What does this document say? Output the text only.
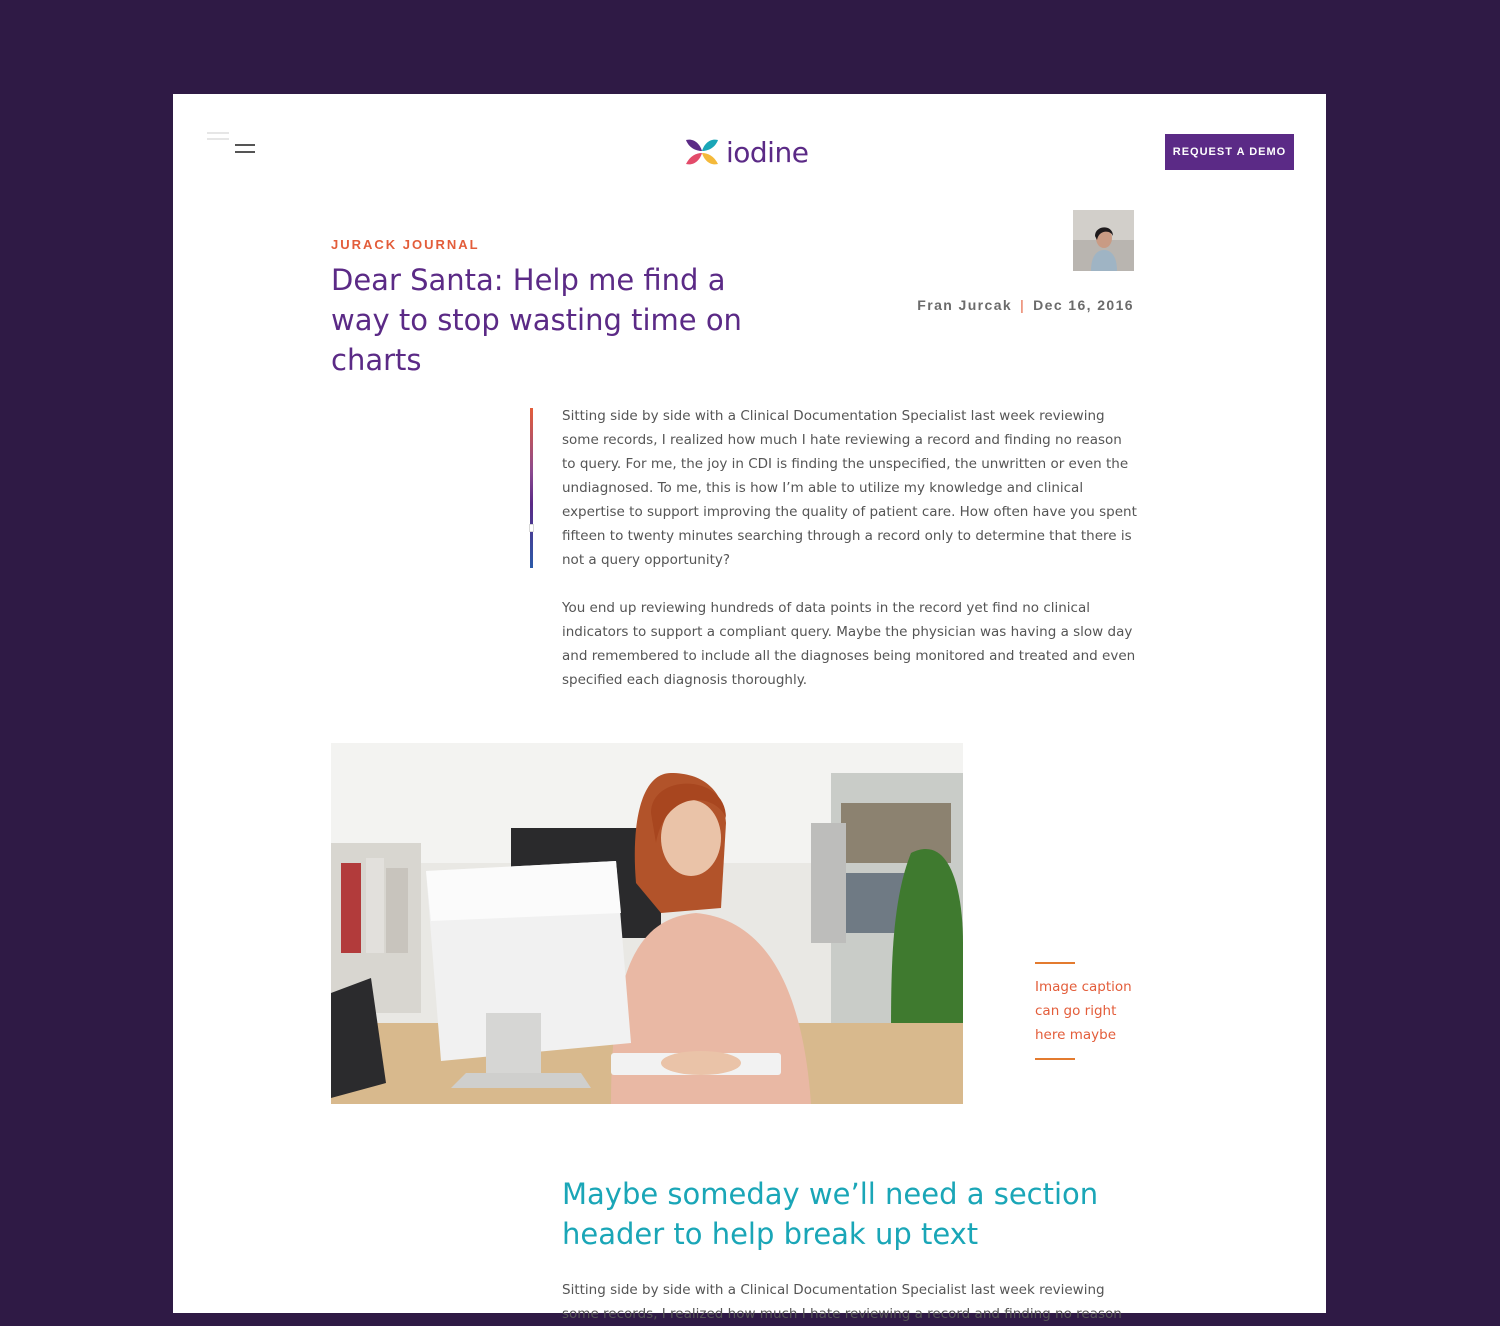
iodine	REQUEST A DEMO
JURACK JOURNAL
Dear Santa: Help me find a way to stop wasting time on charts
Fran Jurcak | Dec 16, 2016

Sitting side by side with a Clinical Documentation Specialist last week reviewing some records, I realized how much I hate reviewing a record and finding no reason to query. For me, the joy in CDI is finding the unspecified, the unwritten or even the undiagnosed. To me, this is how I’m able to utilize my knowledge and clinical expertise to support improving the quality of patient care. How often have you spent fifteen to twenty minutes searching through a record only to determine that there is not a query opportunity?

You end up reviewing hundreds of data points in the record yet find no clinical indicators to support a compliant query. Maybe the physician was having a slow day and remembered to include all the diagnoses being monitored and treated and even specified each diagnosis thoroughly.

Image caption can go right here maybe

Maybe someday we’ll need a section header to help break up text

Sitting side by side with a Clinical Documentation Specialist last week reviewing some records, I realized how much I hate reviewing a record and finding no reason
